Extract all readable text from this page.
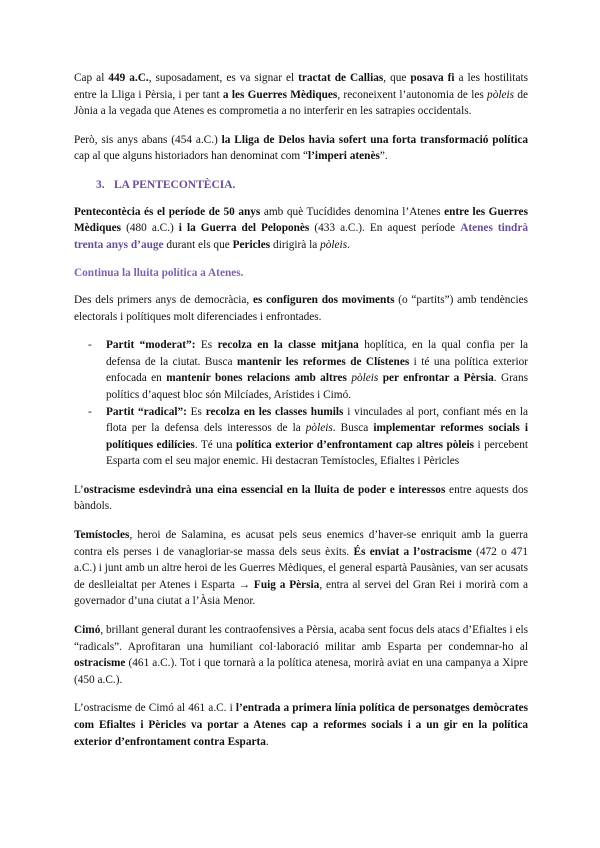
Cap al 449 a.C., suposadament, es va signar el tractat de Callias, que posava fi a les hostilitats entre la Lliga i Pèrsia, i per tant a les Guerres Mèdiques, reconeixent l’autonomia de les pòleis de Jònia a la vegada que Atenes es comprometia a no interferir en les satrapies occidentals.

Però, sis anys abans (454 a.C.) la Lliga de Delos havia sofert una forta transformació política cap al que alguns historiadors han denominat com “l’imperi atenès”.

3. LA PENTECONTÈCIA.

Pentecontècia és el període de 50 anys amb què Tucídides denomina l’Atenes entre les Guerres Mèdiques (480 a.C.) i la Guerra del Peloponès (433 a.C.). En aquest període Atenes tindrà trenta anys d’auge durant els que Pericles dirigirà la pòleis.

Continua la lluita política a Atenes.

Des dels primers anys de democràcia, es configuren dos moviments (o “partits”) amb tendències electorals i polítiques molt diferenciades i enfrontades.

- Partit “moderat”: Es recolza en la classe mitjana hoplítica, en la qual confia per la defensa de la ciutat. Busca mantenir les reformes de Clístenes i té una política exterior enfocada en mantenir bones relacions amb altres pòleis per enfrontar a Pèrsia. Grans polítics d’aquest bloc són Milcíades, Arístides i Cimó.
- Partit “radical”: Es recolza en les classes humils i vinculades al port, confiant més en la flota per la defensa dels interessos de la pòleis. Busca implementar reformes socials i polítiques edilícies. Té una política exterior d’enfrontament cap altres pòleis i percebent Esparta com el seu major enemic. Hi destacran Temístocles, Efialtes i Pèricles

L’ostracisme esdevindrà una eina essencial en la lluita de poder e interessos entre aquests dos bàndols.

Temístocles, heroi de Salamina, es acusat pels seus enemics d’haver-se enriquit amb la guerra contra els perses i de vanagloriar-se massa dels seus èxits. És enviat a l’ostracisme (472 o 471 a.C.) i junt amb un altre heroi de les Guerres Mèdiques, el general espartà Pausànies, van ser acusats de deslleialtat per Atenes i Esparta → Fuig a Pèrsia, entra al servei del Gran Rei i morirà com a governador d’una ciutat a l’Àsia Menor.

Cimó, brillant general durant les contraofensives a Pèrsia, acaba sent focus dels atacs d’Efialtes i els “radicals”. Aprofitaran una humiliant col·laboració militar amb Esparta per condemnar-ho al ostracisme (461 a.C.). Tot i que tornarà a la política atenesa, morirà aviat en una campanya a Xipre (450 a.C.).

L’ostracisme de Cimó al 461 a.C. i l’entrada a primera línia política de personatges demòcrates com Efialtes i Pèricles va portar a Atenes cap a reformes socials i a un gir en la política exterior d’enfrontament contra Esparta.
